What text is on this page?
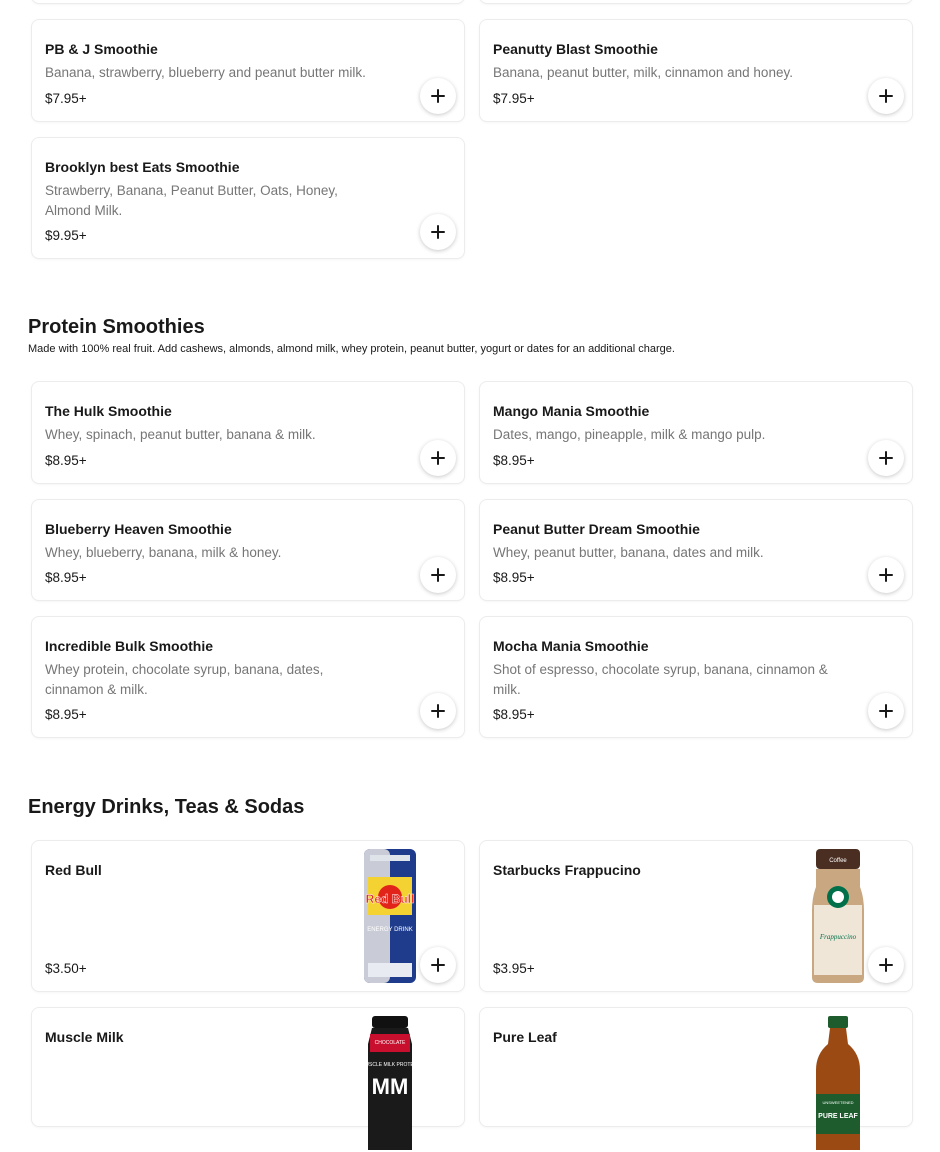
PB & J Smoothie
Banana, strawberry, blueberry and peanut butter milk.
$7.95+
Peanutty Blast Smoothie
Banana, peanut butter, milk, cinnamon and honey.
$7.95+
Brooklyn best Eats Smoothie
Strawberry, Banana, Peanut Butter, Oats, Honey, Almond Milk.
$9.95+
Protein Smoothies

Made with 100% real fruit. Add cashews, almonds, almond milk, whey protein, peanut butter, yogurt or dates for an additional charge.

The Hulk Smoothie
Whey, spinach, peanut butter, banana & milk.
$8.95+
Mango Mania Smoothie
Dates, mango, pineapple, milk & mango pulp.
$8.95+
Blueberry Heaven Smoothie
Whey, blueberry, banana, milk & honey.
$8.95+
Peanut Butter Dream Smoothie
Whey, peanut butter, banana, dates and milk.
$8.95+
Incredible Bulk Smoothie
Whey protein, chocolate syrup, banana, dates, cinnamon & milk.
$8.95+
Mocha Mania Smoothie
Shot of espresso, chocolate syrup, banana, cinnamon & milk.
$8.95+
Energy Drinks, Teas & Sodas
Red Bull
$3.50+
Red Bull
ENERGY DRINK
Starbucks Frappucino
$3.95+
Coffee
Frappuccino
Muscle Milk	CHOCOLATE
MUSCLE MILK PROTEIN
MM
Pure Leaf
UNSWEETENED
PURE LEAF
